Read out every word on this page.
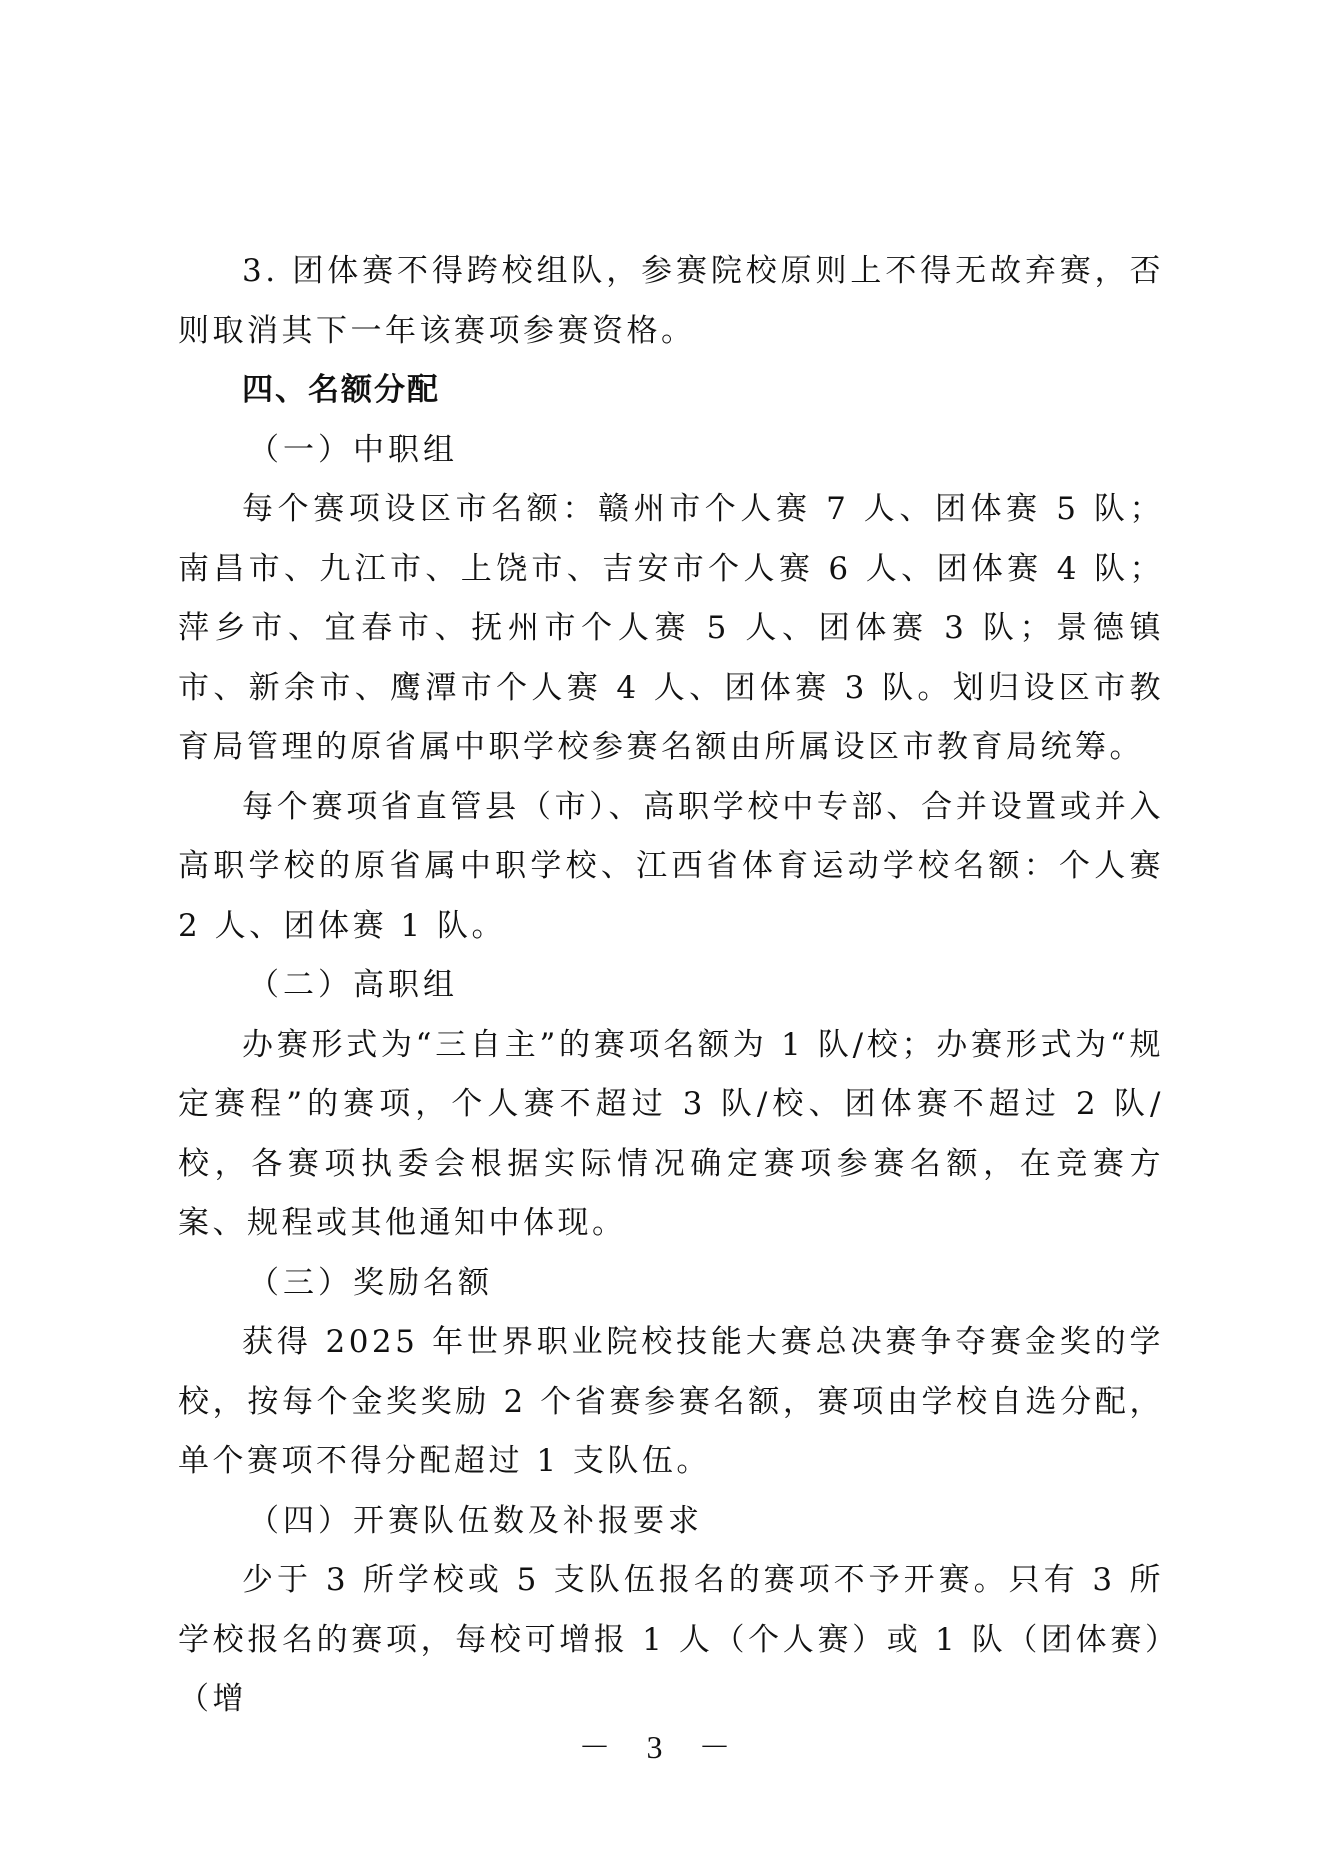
3. 团体赛不得跨校组队，参赛院校原则上不得无故弃赛，否则取消其下一年该赛项参赛资格。

四、名额分配

（一）中职组

每个赛项设区市名额：赣州市个人赛 7 人、团体赛 5 队；南昌市、九江市、上饶市、吉安市个人赛 6 人、团体赛 4 队；萍乡市、宜春市、抚州市个人赛 5 人、团体赛 3 队；景德镇市、新余市、鹰潭市个人赛 4 人、团体赛 3 队。划归设区市教育局管理的原省属中职学校参赛名额由所属设区市教育局统筹。

每个赛项省直管县（市）、高职学校中专部、合并设置或并入高职学校的原省属中职学校、江西省体育运动学校名额：个人赛 2 人、团体赛 1 队。

（二）高职组

办赛形式为“三自主”的赛项名额为 1 队/校；办赛形式为“规定赛程”的赛项，个人赛不超过 3 队/校、团体赛不超过 2 队/校，各赛项执委会根据实际情况确定赛项参赛名额，在竞赛方案、规程或其他通知中体现。

（三）奖励名额

获得 2025 年世界职业院校技能大赛总决赛争夺赛金奖的学校，按每个金奖奖励 2 个省赛参赛名额，赛项由学校自选分配，单个赛项不得分配超过 1 支队伍。

（四）开赛队伍数及补报要求

少于 3 所学校或 5 支队伍报名的赛项不予开赛。只有 3 所学校报名的赛项，每校可增报 1 人（个人赛）或 1 队（团体赛）（增

－ 3 －
